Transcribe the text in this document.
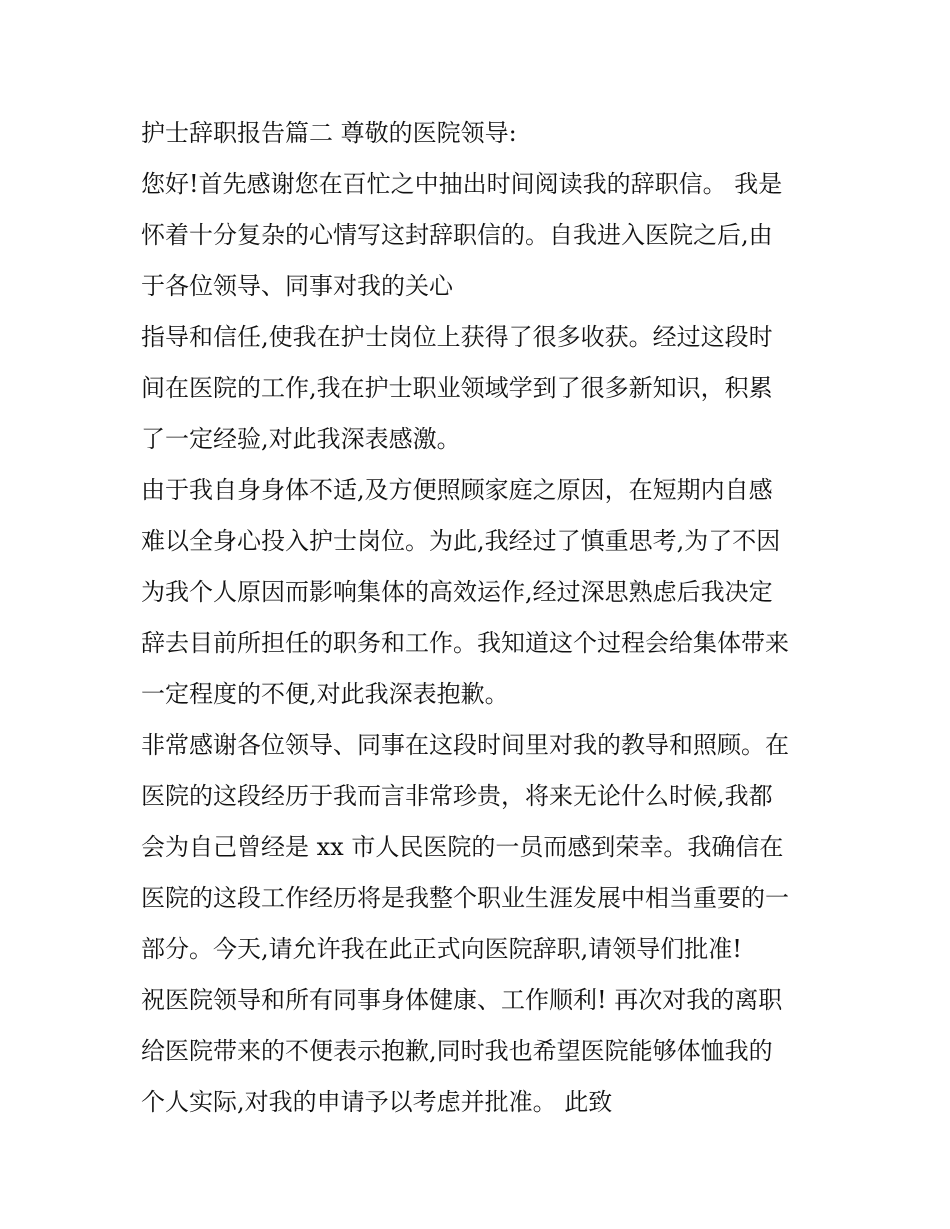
护士辞职报告篇二 尊敬的医院领导:
您好!首先感谢您在百忙之中抽出时间阅读我的辞职信。 我是
怀着十分复杂的心情写这封辞职信的。自我进入医院之后,由
于各位领导、同事对我的关心
指导和信任,使我在护士岗位上获得了很多收获。经过这段时
间在医院的工作,我在护士职业领域学到了很多新知识，积累
了一定经验,对此我深表感激。
由于我自身身体不适,及方便照顾家庭之原因，在短期内自感
难以全身心投入护士岗位。为此,我经过了慎重思考,为了不因
为我个人原因而影响集体的高效运作,经过深思熟虑后我决定
辞去目前所担任的职务和工作。我知道这个过程会给集体带来
一定程度的不便,对此我深表抱歉。
非常感谢各位领导、同事在这段时间里对我的教导和照顾。在
医院的这段经历于我而言非常珍贵，将来无论什么时候,我都
会为自己曾经是 xx 市人民医院的一员而感到荣幸。我确信在
医院的这段工作经历将是我整个职业生涯发展中相当重要的一
部分。今天,请允许我在此正式向医院辞职,请领导们批准!
祝医院领导和所有同事身体健康、工作顺利! 再次对我的离职
给医院带来的不便表示抱歉,同时我也希望医院能够体恤我的
个人实际,对我的申请予以考虑并批准。 此致
